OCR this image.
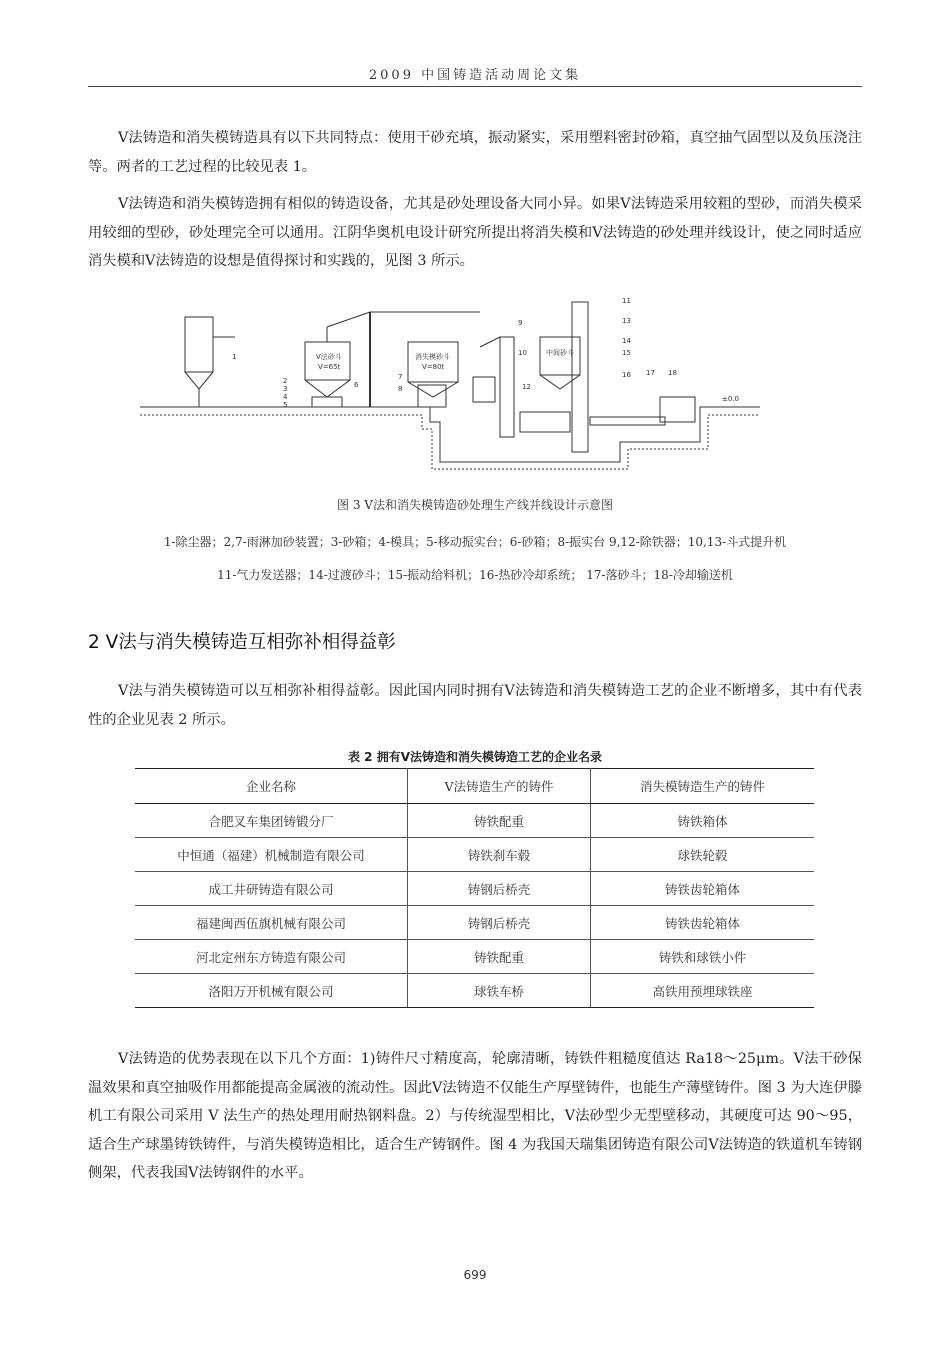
2009 中国铸造活动周论文集

V法铸造和消失模铸造具有以下共同特点：使用干砂充填，振动紧实，采用塑料密封砂箱，真空抽气固型以及负压浇注等。两者的工艺过程的比较见表 1。

V法铸造和消失模铸造拥有相似的铸造设备，尤其是砂处理设备大同小异。如果V法铸造采用较粗的型砂，而消失模采用较细的型砂，砂处理完全可以通用。江阴华奥机电设计研究所提出将消失模和V法铸造的砂处理并线设计，使之同时适应消失模和V法铸造的设想是值得探讨和实践的，见图 3 所示。

V法砂斗
V=65t
消失模砂斗
V=80t
中间砂斗
±0.0
1
2
3
4
5
6
7
8
9
10
11
12
13
14
15
16 17 18
图 3 V法和消失模铸造砂处理生产线并线设计示意图
1-除尘器；2,7-雨淋加砂装置；3-砂箱；4-模具；5-移动振实台；6-砂箱；8-振实台 9,12-除铁器；10,13-斗式提升机
11-气力发送器；14-过渡砂斗；15-振动给料机；16-热砂冷却系统； 17-落砂斗；18-冷却输送机
2 V法与消失模铸造互相弥补相得益彰

V法与消失模铸造可以互相弥补相得益彰。因此国内同时拥有V法铸造和消失模铸造工艺的企业不断增多，其中有代表性的企业见表 2 所示。

表 2 拥有V法铸造和消失模铸造工艺的企业名录
企业名称	V法铸造生产的铸件	消失模铸造生产的铸件
合肥叉车集团铸锻分厂	铸铁配重	铸铁箱体
中恒通（福建）机械制造有限公司	铸铁刹车毂	球铁轮毂
成工井研铸造有限公司	铸钢后桥壳	铸铁齿轮箱体
福建闽西伍旗机械有限公司	铸钢后桥壳	铸铁齿轮箱体
河北定州东方铸造有限公司	铸铁配重	铸铁和球铁小件
洛阳万开机械有限公司	球铁车桥	高铁用预埋球铁座

V法铸造的优势表现在以下几个方面：1)铸件尺寸精度高，轮廓清晰，铸铁件粗糙度值达 Ra18～25μm。V法干砂保温效果和真空抽吸作用都能提高金属液的流动性。因此V法铸造不仅能生产厚壁铸件，也能生产薄壁铸件。图 3 为大连伊滕机工有限公司采用 V 法生产的热处理用耐热钢料盘。2）与传统湿型相比，V法砂型少无型壁移动，其硬度可达 90～95，适合生产球墨铸铁铸件，与消失模铸造相比，适合生产铸钢件。图 4 为我国天瑞集团铸造有限公司V法铸造的铁道机车铸钢侧架，代表我国V法铸钢件的水平。

699
